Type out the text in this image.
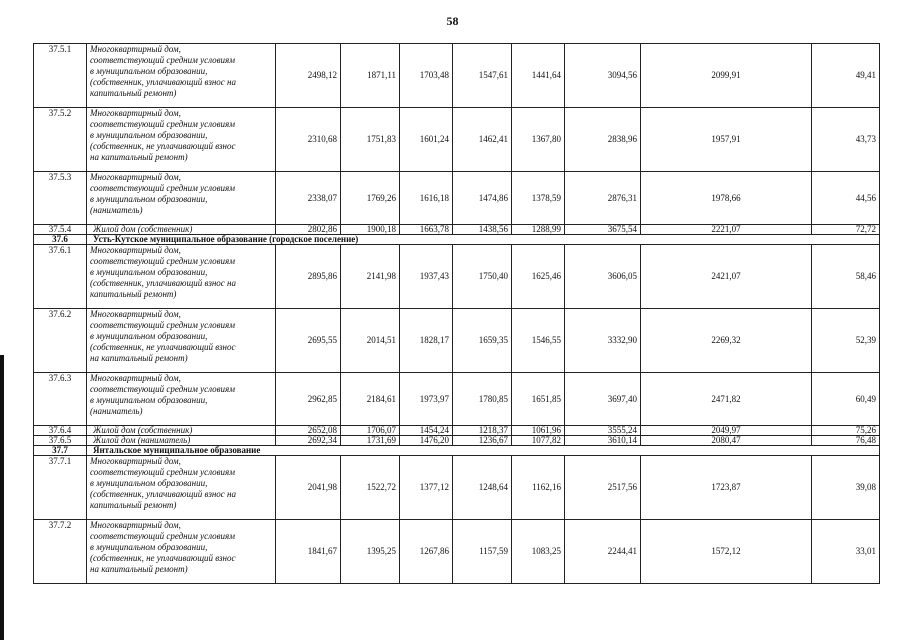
58
37.5.1	Многоквартирный дом,
соответствующий средним условиям
в муниципальном образовании,
(собственник, уплачивающий взнос на
капитальный ремонт)	2498,12	1871,11	1703,48	1547,61	1441,64	3094,56	2099,91	49,41
37.5.2	Многоквартирный дом,
соответствующий средним условиям
в муниципальном образовании,
(собственник, не уплачивающий взнос
на капитальный ремонт)	2310,68	1751,83	1601,24	1462,41	1367,80	2838,96	1957,91	43,73
37.5.3	Многоквартирный дом,
соответствующий средним условиям
в муниципальном образовании,
(наниматель)	2338,07	1769,26	1616,18	1474,86	1378,59	2876,31	1978,66	44,56
37.5.4	Жилой дом (собственник)	2802,86	1900,18	1663,78	1438,56	1288,99	3675,54	2221,07	72,72
37.6	Усть-Кутское муниципальное образование (городское поселение)								
37.6.1	Многоквартирный дом,
соответствующий средним условиям
в муниципальном образовании,
(собственник, уплачивающий взнос на
капитальный ремонт)	2895,86	2141,98	1937,43	1750,40	1625,46	3606,05	2421,07	58,46
37.6.2	Многоквартирный дом,
соответствующий средним условиям
в муниципальном образовании,
(собственник, не уплачивающий взнос
на капитальный ремонт)	2695,55	2014,51	1828,17	1659,35	1546,55	3332,90	2269,32	52,39
37.6.3	Многоквартирный дом,
соответствующий средним условиям
в муниципальном образовании,
(наниматель)	2962,85	2184,61	1973,97	1780,85	1651,85	3697,40	2471,82	60,49
37.6.4	Жилой дом (собственник)	2652,08	1706,07	1454,24	1218,37	1061,96	3555,24	2049,97	75,26
37.6.5	Жилой дом (наниматель)	2692,34	1731,69	1476,20	1236,67	1077,82	3610,14	2080,47	76,48
37.7	Янтальское муниципальное образование								
37.7.1	Многоквартирный дом,
соответствующий средним условиям
в муниципальном образовании,
(собственник, уплачивающий взнос на
капитальный ремонт)	2041,98	1522,72	1377,12	1248,64	1162,16	2517,56	1723,87	39,08
37.7.2	Многоквартирный дом,
соответствующий средним условиям
в муниципальном образовании,
(собственник, не уплачивающий взнос
на капитальный ремонт)	1841,67	1395,25	1267,86	1157,59	1083,25	2244,41	1572,12	33,01
